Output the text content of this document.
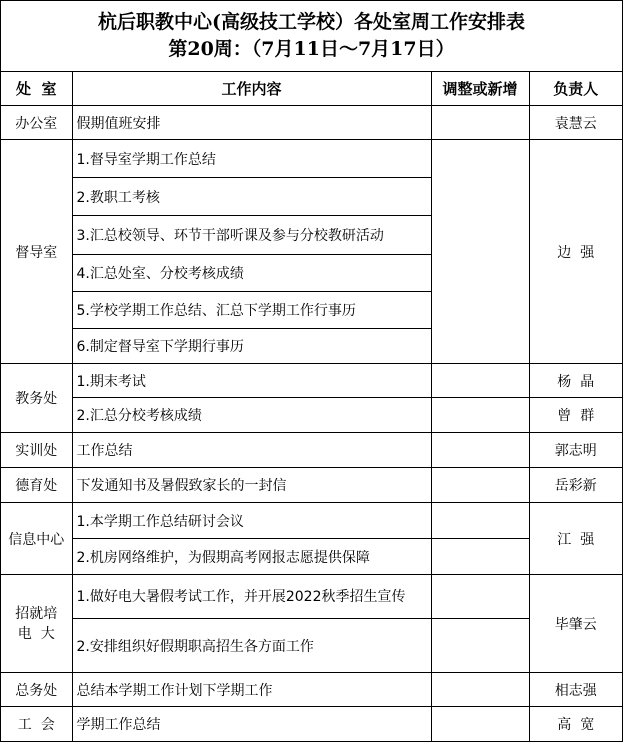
杭后职教中心(高级技工学校）各处室周工作安排表
第20周：（7月11日～7月17日）
处  室	工作内容	调整或新增	负责人
办公室	假期值班安排		袁慧云
督导室	1.督导室学期工作总结		边  强
	2.教职工考核		
	3.汇总校领导、环节干部听课及参与分校教研活动		
	4.汇总处室、分校考核成绩		
	5.学校学期工作总结、汇总下学期工作行事历		
	6.制定督导室下学期行事历		
教务处	1.期末考试		杨  晶
	2.汇总分校考核成绩		曾  群
实训处	工作总结		郭志明
德育处	下发通知书及暑假致家长的一封信		岳彩新
信息中心	1.本学期工作总结研讨会议		江  强
	2.机房网络维护，为假期高考网报志愿提供保障		
招就培电  大	1.做好电大暑假考试工作，并开展2022秋季招生宣传		毕肇云
	2.安排组织好假期职高招生各方面工作		
总务处	总结本学期工作计划下学期工作		相志强
工  会	学期工作总结		高  宽
